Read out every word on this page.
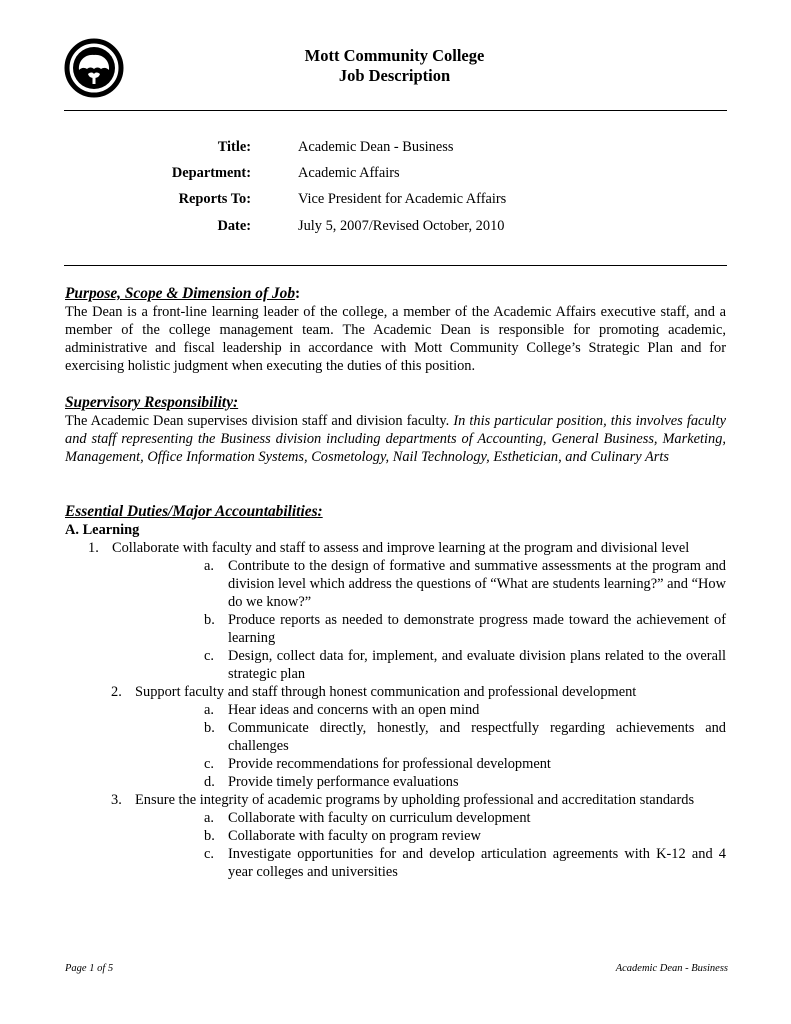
Mott Community College
Job Description
Title:	Academic Dean - Business
Department:	Academic Affairs
Reports To:	Vice President for Academic Affairs
Date:	July 5, 2007/Revised October, 2010
Purpose, Scope & Dimension of Job:
The Dean is a front-line learning leader of the college, a member of the Academic Affairs executive staff, and a member of the college management team. The Academic Dean is responsible for promoting academic, administrative and fiscal leadership in accordance with Mott Community College’s Strategic Plan and for exercising holistic judgment when executing the duties of this position.
Supervisory Responsibility:
The Academic Dean supervises division staff and division faculty. In this particular position, this involves faculty and staff representing the Business division including departments of Accounting, General Business, Marketing, Management, Office Information Systems, Cosmetology, Nail Technology, Esthetician, and Culinary Arts
Essential Duties/Major Accountabilities:
A. Learning
1. Collaborate with faculty and staff to assess and improve learning at the program and divisional level
a. Contribute to the design of formative and summative assessments at the program and division level which address the questions of “What are students learning?” and “How do we know?”
b. Produce reports as needed to demonstrate progress made toward the achievement of learning
c. Design, collect data for, implement, and evaluate division plans related to the overall strategic plan
2. Support faculty and staff through honest communication and professional development
a. Hear ideas and concerns with an open mind
b. Communicate directly, honestly, and respectfully regarding achievements and challenges
c. Provide recommendations for professional development
d. Provide timely performance evaluations
3. Ensure the integrity of academic programs by upholding professional and accreditation standards
a. Collaborate with faculty on curriculum development
b. Collaborate with faculty on program review
c. Investigate opportunities for and develop articulation agreements with K-12 and 4 year colleges and universities
Page 1 of 5	Academic Dean - Business
